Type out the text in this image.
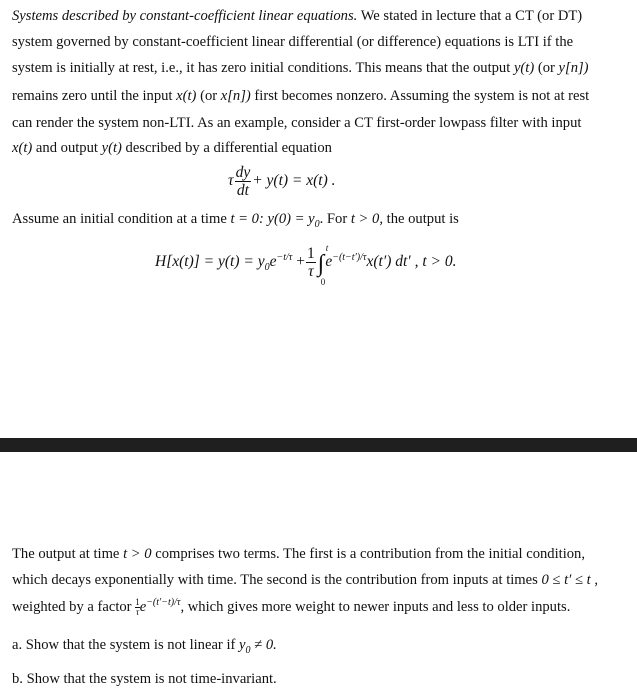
Systems described by constant-coefficient linear equations. We stated in lecture that a CT (or DT)
system governed by constant-coefficient linear differential (or difference) equations is LTI if the
system is initially at rest, i.e., it has zero initial conditions. This means that the output y(t) (or y[n])
remains zero until the input x(t) (or x[n]) first becomes nonzero. Assuming the system is not at rest
can render the system non-LTI. As an example, consider a CT first-order lowpass filter with input
x(t) and output y(t) described by a differential equation
τ $\frac{dy}{dt} + y(t) = x(t)$ .
Assume an initial condition at a time t = 0: $y(0) = y_0$. For t > 0, the output is
$H[x(t)] = y(t) = y_0e^{-t/\tau} + \frac{1}{\tau}$ ∫
t
0
$e^{-(t-t')/\tau}x(t')$ dt′ , t > 0.
The output at time t > 0 comprises two terms. The first is a contribution from the initial condition,
which decays exponentially with time. The second is the contribution from inputs at times 0 ≤ t′ ≤ t ,
weighted by a factor $\frac{1}{\tau} e^{-(t'-t)/\tau}$, which gives more weight to newer inputs and less to older inputs.
a. Show that the system is not linear if $y_0 \ne 0$.
b. Show that the system is not time-invariant.
